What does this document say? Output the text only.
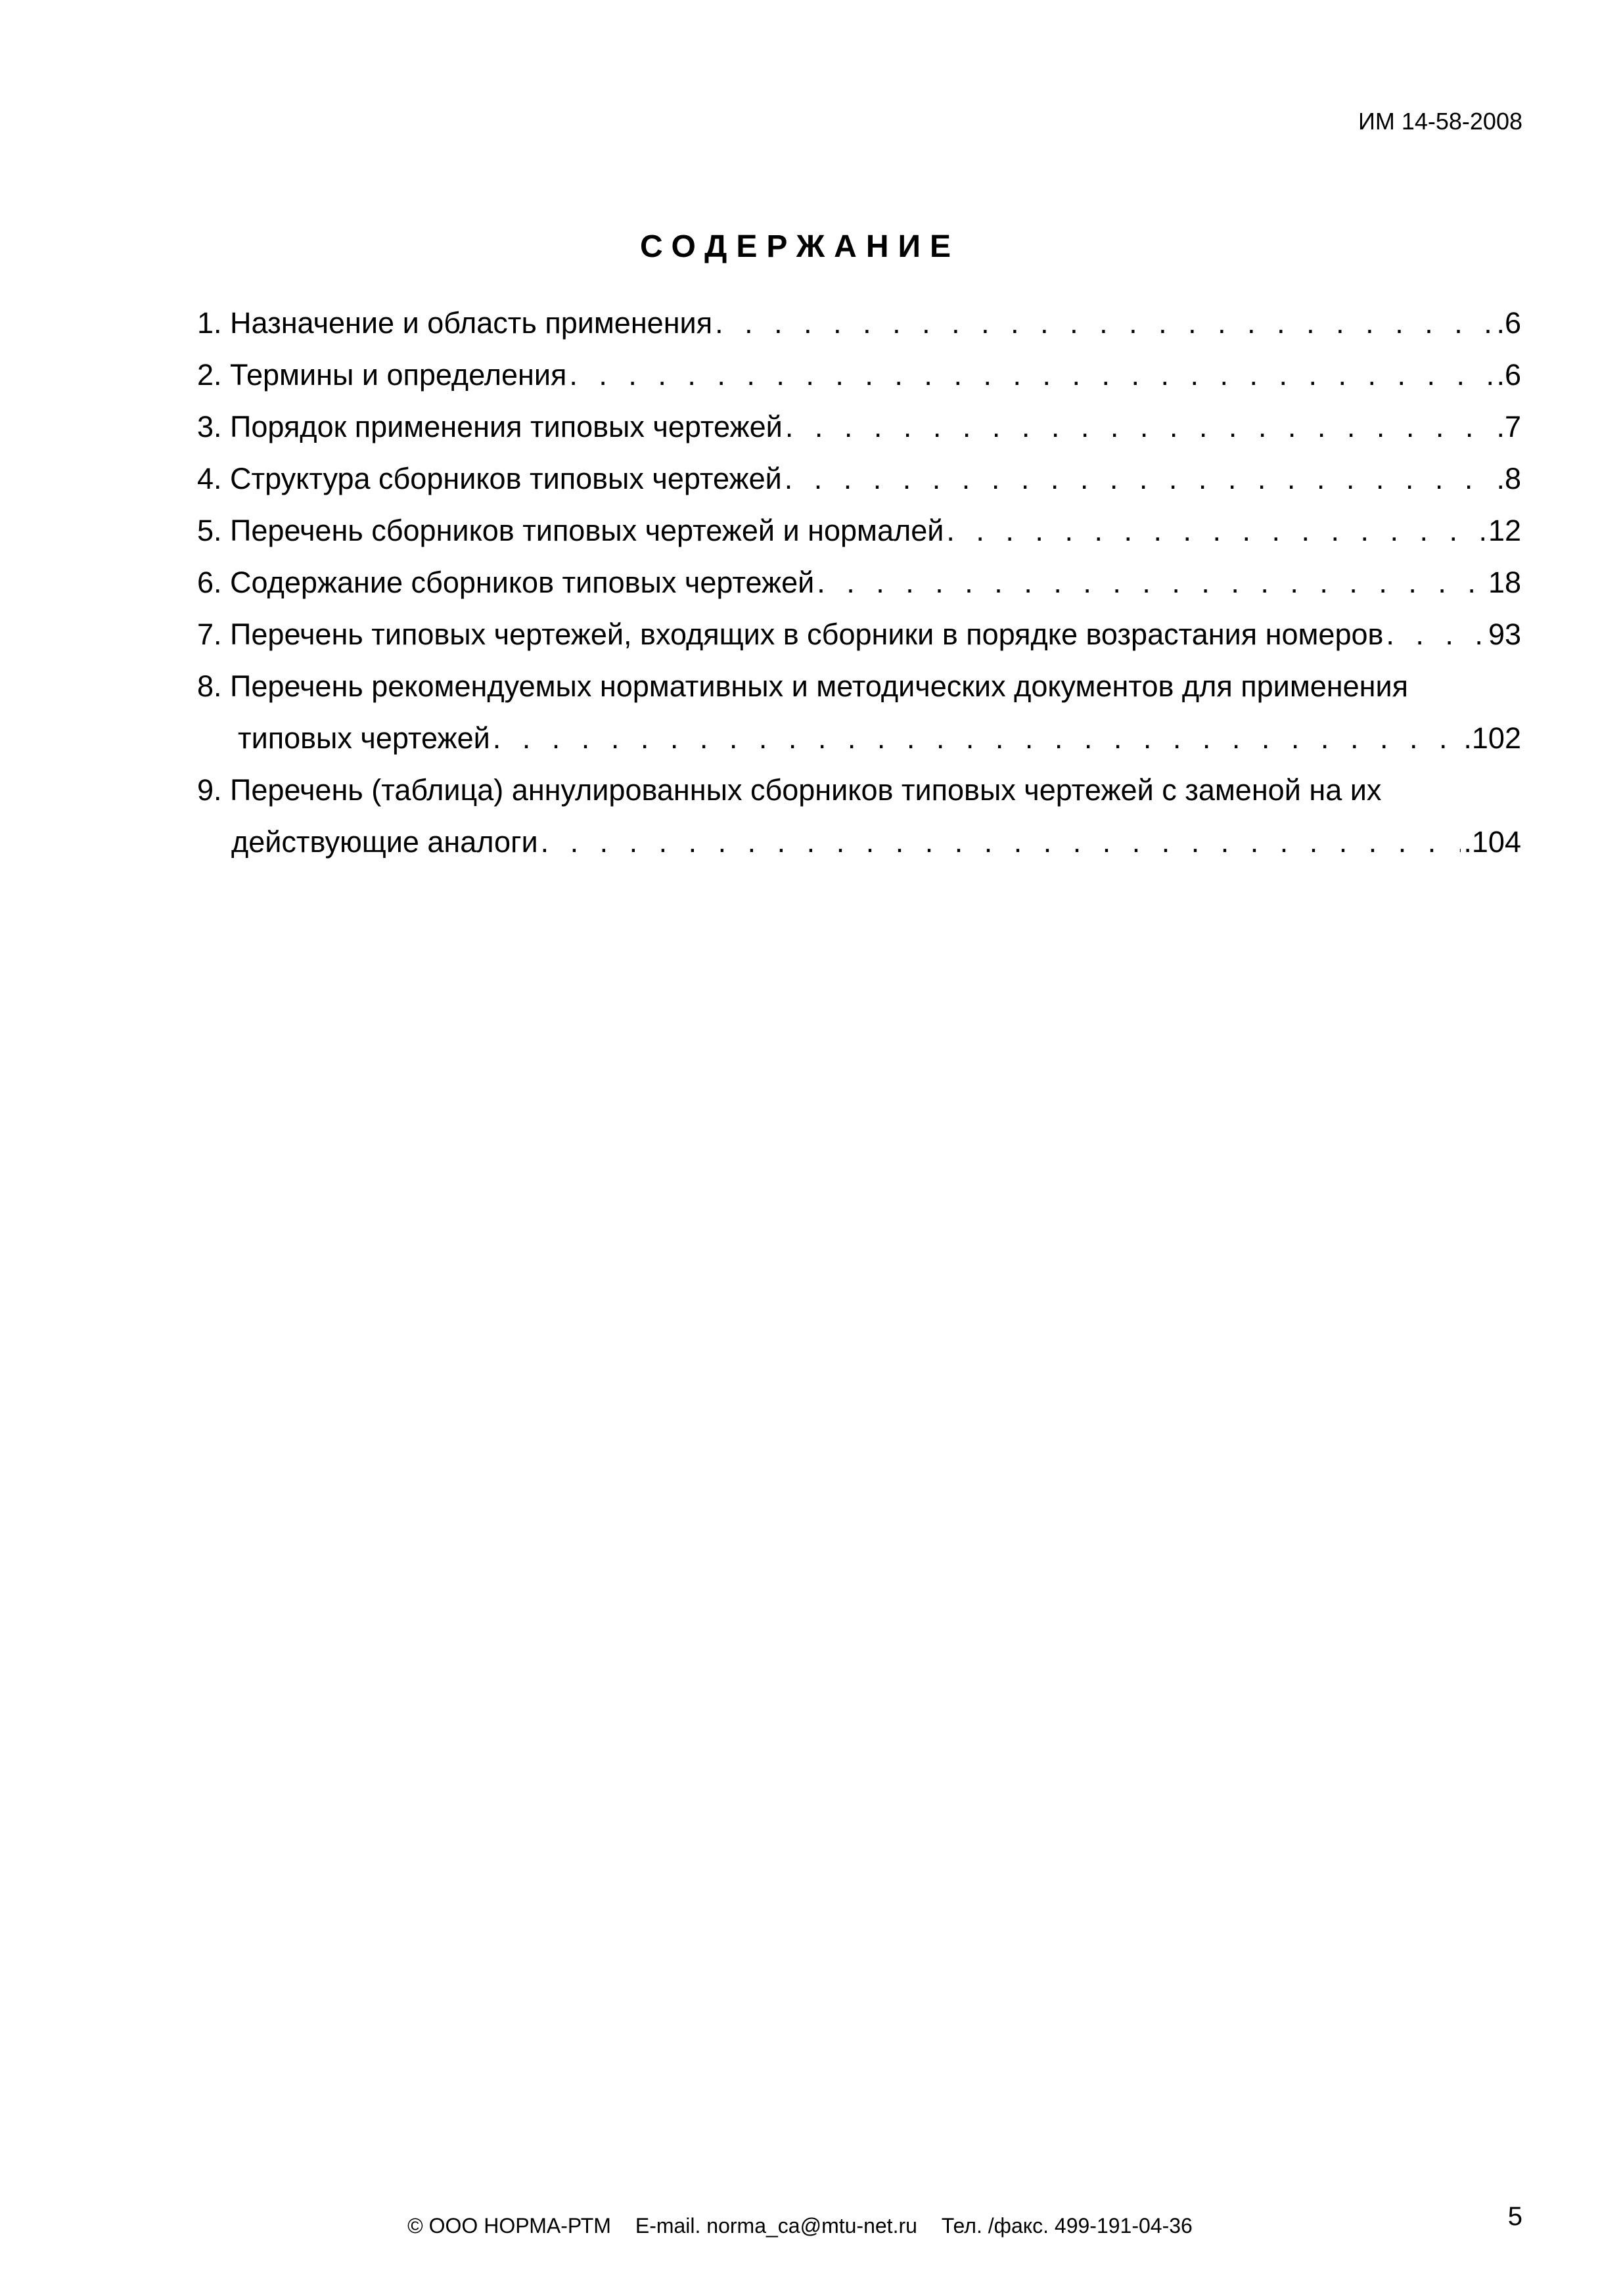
ИМ 14-58-2008
СОДЕРЖАНИЕ
1. Назначение и область применения . . .	.6
2. Термины и определения . . .	.6
3. Порядок применения типовых чертежей . . .	.7
4. Структура сборников типовых чертежей . . .	.8
5. Перечень сборников типовых чертежей и нормалей . . .	12
6. Содержание сборников типовых чертежей . . .	18
7. Перечень типовых чертежей, входящих в сборники в порядке возрастания номеров . . .	93
8. Перечень рекомендуемых нормативных и методических документов для применения
типовых чертежей . . .	.102
9. Перечень (таблица) аннулированных сборников типовых чертежей с заменой на их
действующие аналоги . . .	.104
© ООО НОРМА-РТМ E-mail. norma_ca@mtu-net.ru Тел. /факс. 499-191-04-36	5
